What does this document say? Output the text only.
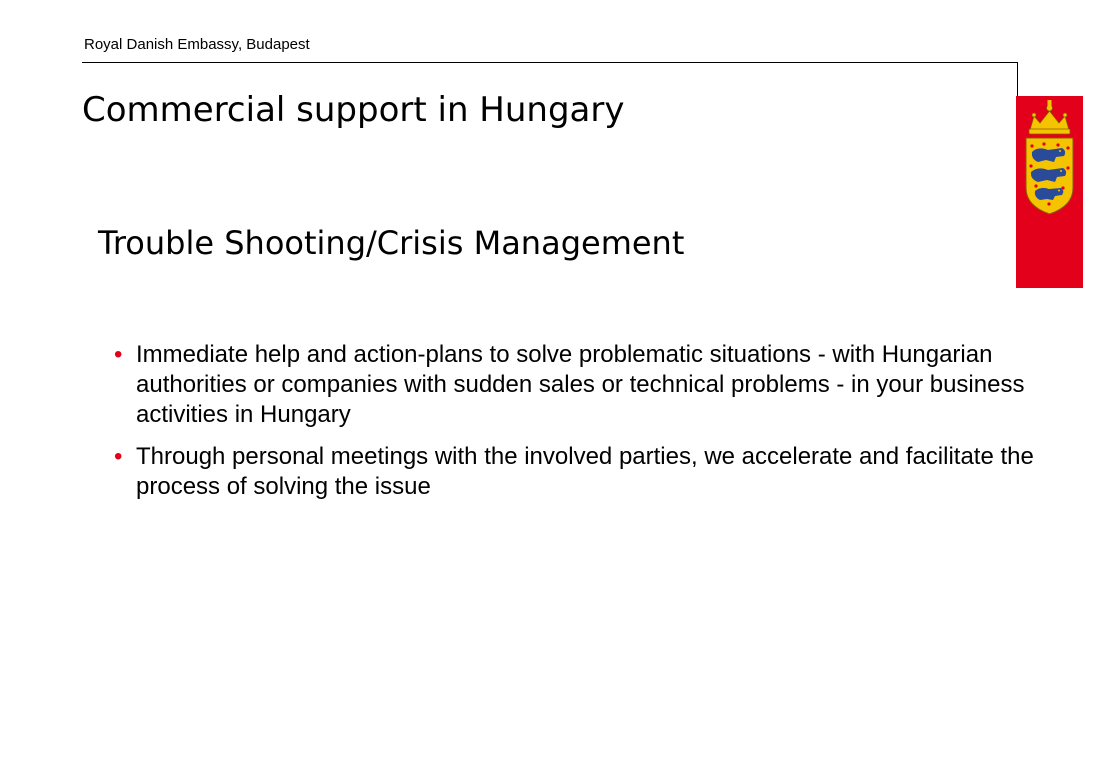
Royal Danish Embassy, Budapest
Commercial support in Hungary
Trouble Shooting/Crisis Management
• Immediate help and action-plans to solve problematic situations - with Hungarian authorities or companies with sudden sales or technical problems - in your business activities in Hungary
• Through personal meetings with the involved parties, we accelerate and facilitate the process of solving the issue
